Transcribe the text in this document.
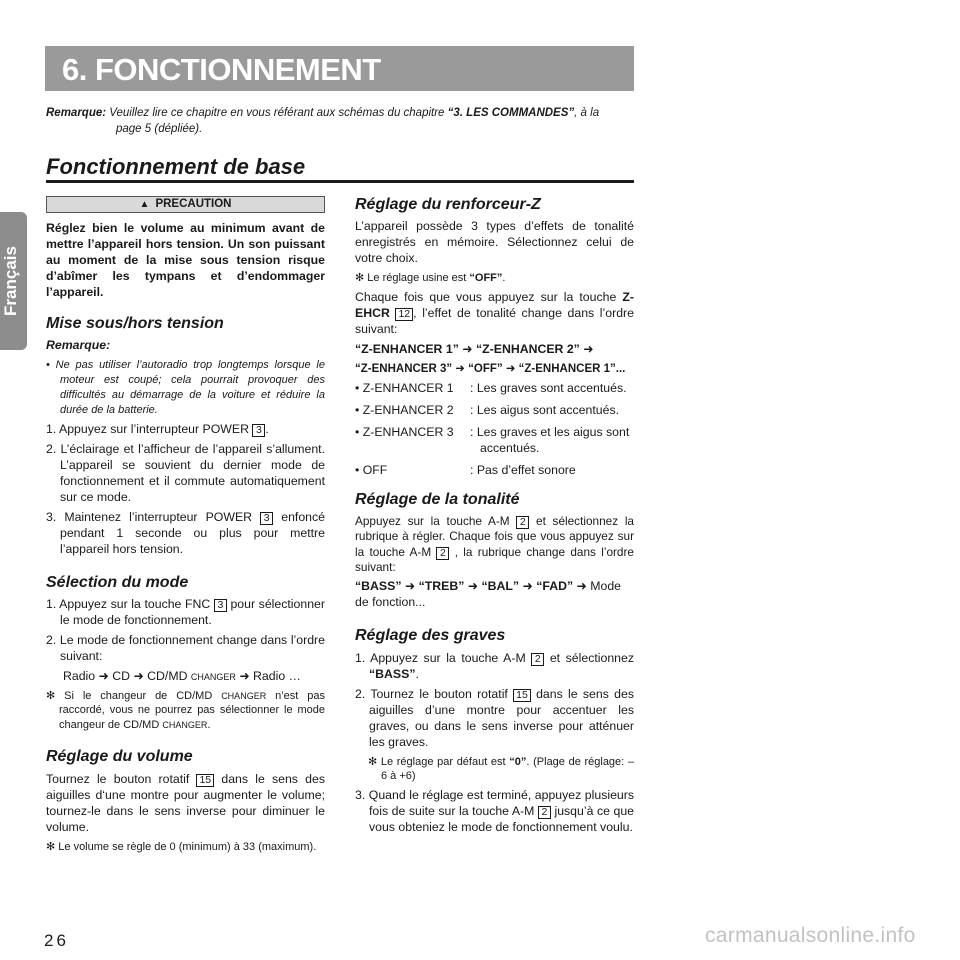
6. FONCTIONNEMENT
Remarque: Veuillez lire ce chapitre en vous référant aux schémas du chapitre “3. LES COMMANDES”, à la
page 5 (dépliée).
Français
Fonctionnement de base
▲ PRECAUTION

Réglez bien le volume au minimum avant de mettre l’appareil hors tension. Un son puissant au moment de la mise sous tension risque d’abîmer les tympans et d’endommager l’appareil.

Mise sous/hors tension

Remarque:

• Ne pas utiliser l’autoradio trop longtemps lorsque le moteur est coupé; cela pourrait provoquer des difficultés au démarrage de la voiture et réduire la durée de la batterie.

1. Appuyez sur l’interrupteur POWER 3 .

2. L’éclairage et l’afficheur de l’appareil s’allument. L’appareil se souvient du dernier mode de fonctionnement et il commute automatiquement sur ce mode.

3. Maintenez l’interrupteur POWER 3 enfoncé pendant 1 seconde ou plus pour mettre l’appareil hors tension.

Sélection du mode

1. Appuyez sur la touche FNC 3 pour sélectionner le mode de fonctionnement.

2. Le mode de fonctionnement change dans l’ordre suivant:

Radio ➜ CD ➜ CD/MD CHANGER ➜ Radio …

✻ Si le changeur de CD/MD CHANGER n’est pas raccordé, vous ne pourrez pas sélectionner le mode changeur de CD/MD CHANGER.

Réglage du volume

Tournez le bouton rotatif 15 dans le sens des aiguilles d‘une montre pour augmenter le volume; tournez-le dans le sens inverse pour diminuer le volume.

✻ Le volume se règle de 0 (minimum) à 33 (maximum).

Réglage du renforceur-Z

L’appareil possède 3 types d’effets de tonalité enregistrés en mémoire. Sélectionnez celui de votre choix.

✻ Le réglage usine est “OFF”.

Chaque fois que vous appuyez sur la touche Z-EHCR 12 , l’effet de tonalité change dans l’ordre suivant:

“Z-ENHANCER 1” ➜ “Z-ENHANCER 2” ➜

“Z-ENHANCER 3” ➜ “OFF” ➜ “Z-ENHANCER 1”...

• Z-ENHANCER 1	: Les graves sont accentués.
• Z-ENHANCER 2	: Les aigus sont accentués.
• Z-ENHANCER 3	: Les graves et les aigus sont accentués.
• OFF	: Pas d’effet sonore
Réglage de la tonalité

Appuyez sur la touche A-M 2 et sélectionnez la rubrique à régler. Chaque fois que vous appuyez sur la touche A-M 2 , la rubrique change dans l’ordre suivant:

“BASS” ➜ “TREB” ➜ “BAL” ➜ “FAD” ➜ Mode de fonction...

Réglage des graves

1. Appuyez sur la touche A-M 2 et sélectionnez “BASS”.

2. Tournez le bouton rotatif 15 dans le sens des aiguilles d’une montre pour accentuer les graves, ou dans le sens inverse pour atténuer les graves.

✻ Le réglage par défaut est “0”. (Plage de réglage: –6 à +6)

3. Quand le réglage est terminé, appuyez plusieurs fois de suite sur la touche A-M 2 jusqu’à ce que vous obteniez le mode de fonctionnement voulu.

26	carmanualsonline.info
